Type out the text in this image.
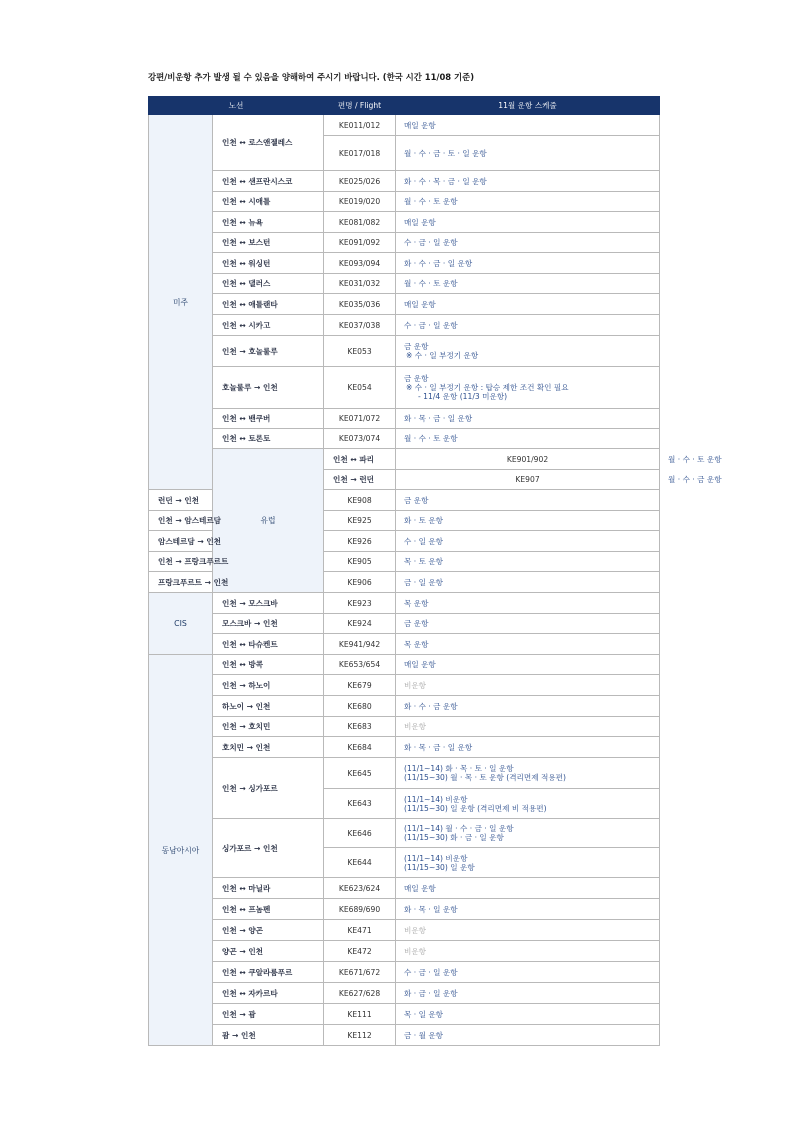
강편/비운항 추가 발생 될 수 있음을 양해하여 주시기 바랍니다. (한국 시간 11/08 기준)
노선		편명 / Flight	11월 운항 스케줄	
미주	인천 ↔ 로스앤젤레스	KE011/012	매일 운항	
		KE017/018	월 · 수 · 금 · 토 · 일 운항	
	인천 ↔ 샌프란시스코	KE025/026	화 · 수 · 목 · 금 · 일 운항	
	인천 ↔ 시애틀	KE019/020	월 · 수 · 토 운항	
	인천 ↔ 뉴욕	KE081/082	매일 운항	
	인천 ↔ 보스턴	KE091/092	수 · 금 · 일 운항	
	인천 ↔ 워싱턴	KE093/094	화 · 수 · 금 · 일 운항	
	인천 ↔ 댈러스	KE031/032	월 · 수 · 토 운항	
	인천 ↔ 애틀랜타	KE035/036	매일 운항	
	인천 ↔ 시카고	KE037/038	수 · 금 · 일 운항	
	인천 → 호놀룰루	KE053	금 운항
※ 수 · 일 부정기 운항	

	호놀룰루 → 인천	KE054	금 운항
※ 수 · 일 부정기 운항 : 탑승 제한 조건 확인 필요
- 11/4 운항 (11/3 미운항)	

	인천 ↔ 밴쿠버	KE071/072	화 · 목 · 금 · 일 운항	
	인천 ↔ 토론토	KE073/074	월 · 수 · 토 운항	
	유럽	인천 ↔ 파리	KE901/902	월 · 수 · 토 운항
		인천 → 런던	KE907	월 · 수 · 금 운항
런던 → 인천		KE908	금 운항	
인천 → 암스테르담		KE925	화 · 토 운항	
암스테르담 → 인천		KE926	수 · 일 운항	
인천 → 프랑크푸르트		KE905	목 · 토 운항	
프랑크푸르트 → 인천		KE906	금 · 일 운항	
CIS	인천 → 모스크바	KE923	목 운항	
	모스크바 → 인천	KE924	금 운항	
	인천 ↔ 타슈켄트	KE941/942	목 운항	
동남아시아	인천 ↔ 방콕	KE653/654	매일 운항	
	인천 → 하노이	KE679	비운항	
	하노이 → 인천	KE680	화 · 수 · 금 운항	
	인천 → 호치민	KE683	비운항	
	호치민 → 인천	KE684	화 · 목 · 금 · 일 운항	
	인천 → 싱가포르	KE645	(11/1~14) 화 · 목 · 토 · 일 운항
(11/15~30) 월 · 목 · 토 운항 (격리면제 적용편)	

		KE643	(11/1~14) 비운항
(11/15~30) 일 운항 (격리면제 비 적용편)	

	싱가포르 → 인천	KE646	(11/1~14) 월 · 수 · 금 · 일 운항
(11/15~30) 화 · 금 · 일 운항	

		KE644	(11/1~14) 비운항
(11/15~30) 일 운항	

	인천 ↔ 마닐라	KE623/624	매일 운항	
	인천 ↔ 프놈펜	KE689/690	화 · 목 · 일 운항	
	인천 → 양곤	KE471	비운항	
	양곤 → 인천	KE472	비운항	
	인천 ↔ 쿠알라룸푸르	KE671/672	수 · 금 · 일 운항	
	인천 ↔ 자카르타	KE627/628	화 · 금 · 일 운항	
	인천 → 괌	KE111	목 · 일 운항	
	괌 → 인천	KE112	금 · 월 운항	
